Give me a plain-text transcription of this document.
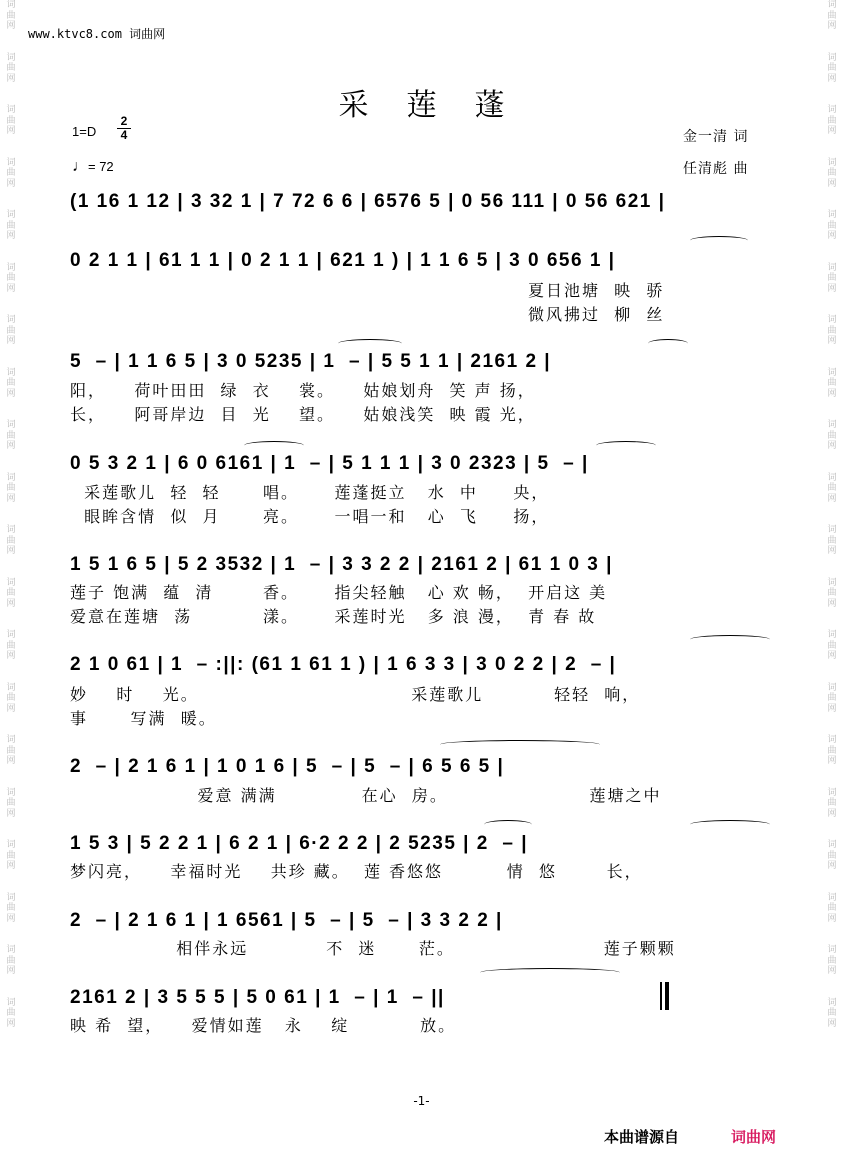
词
曲
网

词
曲
网

词
曲
网

词
曲
网

词
曲
网

词
曲
网

词
曲
网

词
曲
网

词
曲
网

词
曲
网

词
曲
网

词
曲
网

词
曲
网

词
曲
网

词
曲
网

词
曲
网

词
曲
网

词
曲
网

词
曲
网

词
曲
网
词
曲
网

词
曲
网

词
曲
网

词
曲
网

词
曲
网

词
曲
网

词
曲
网

词
曲
网

词
曲
网

词
曲
网

词
曲
网

词
曲
网

词
曲
网

词
曲
网

词
曲
网

词
曲
网

词
曲
网

词
曲
网

词
曲
网

词
曲
网
www.ktvc8.com 词曲网
采莲蓬
1=D
2
4
♩= 72
金一清 词
任清彪 曲
(1 16 1 12 | 3 32 1 | 7 72 6 6 | 6576 5 | 0 56 111 | 0 56 621 |
0 2 1 1 | 61 1 1 | 0 2 1 1 | 621 1 ) | 1 1 6 5 | 3 0 656 1 |
5  – | 1 1 6 5 | 3 0 5235 | 1  – | 5 5 1 1 | 2161 2 |
0 5 3 2 1 | 6 0 6161 | 1  – | 5 1 1 1 | 3 0 2323 | 5  – |
1 5 1 6 5 | 5 2 3532 | 1  – | 3 3 2 2 | 2161 2 | 61 1 0 3 |
2 1 0 61 | 1  – :||: (61 1 61 1 ) | 1 6 3 3 | 3 0 2 2 | 2  – |
2  – | 2 1 6 1 | 1 0 1 6 | 5  – | 5  – | 6 5 6 5 |
1 5 3 | 5 2 2 1 | 6 2 1 | 6·2 2 2 | 2 5235 | 2  – |
2  – | 2 1 6 1 | 1 6561 | 5  – | 5  – | 3 3 2 2 |
2161 2 | 3 5 5 5 | 5 0 61 | 1  – | 1  – ||
夏日池塘  映  骄
微风拂过  柳  丝
阳，    荷叶田田  绿  衣    裳。    姑娘划舟  笑 声 扬，
长，    阿哥岸边  目  光    望。    姑娘浅笑  映 霞 光，
采莲歌儿  轻  轻      唱。     莲蓬挺立   水  中     央，
眼眸含情  似  月      亮。     一唱一和   心  飞     扬，
莲子 饱满  蕴  清       香。     指尖轻触   心 欢 畅，  开启这 美
爱意在莲塘  荡          漾。     采莲时光   多 浪 漫，  青 春 故
妙    时    光。                              采莲歌儿          轻轻  响，
事      写满  暖。
爱意 满满            在心  房。                    莲塘之中
梦闪亮，    幸福时光    共珍 藏。  莲 香悠悠         情  悠       长，
相伴永远           不  迷      茫。                     莲子颗颗
映 希  望，    爱情如莲   永    绽          放。
-1-
本曲谱源自	词曲网
